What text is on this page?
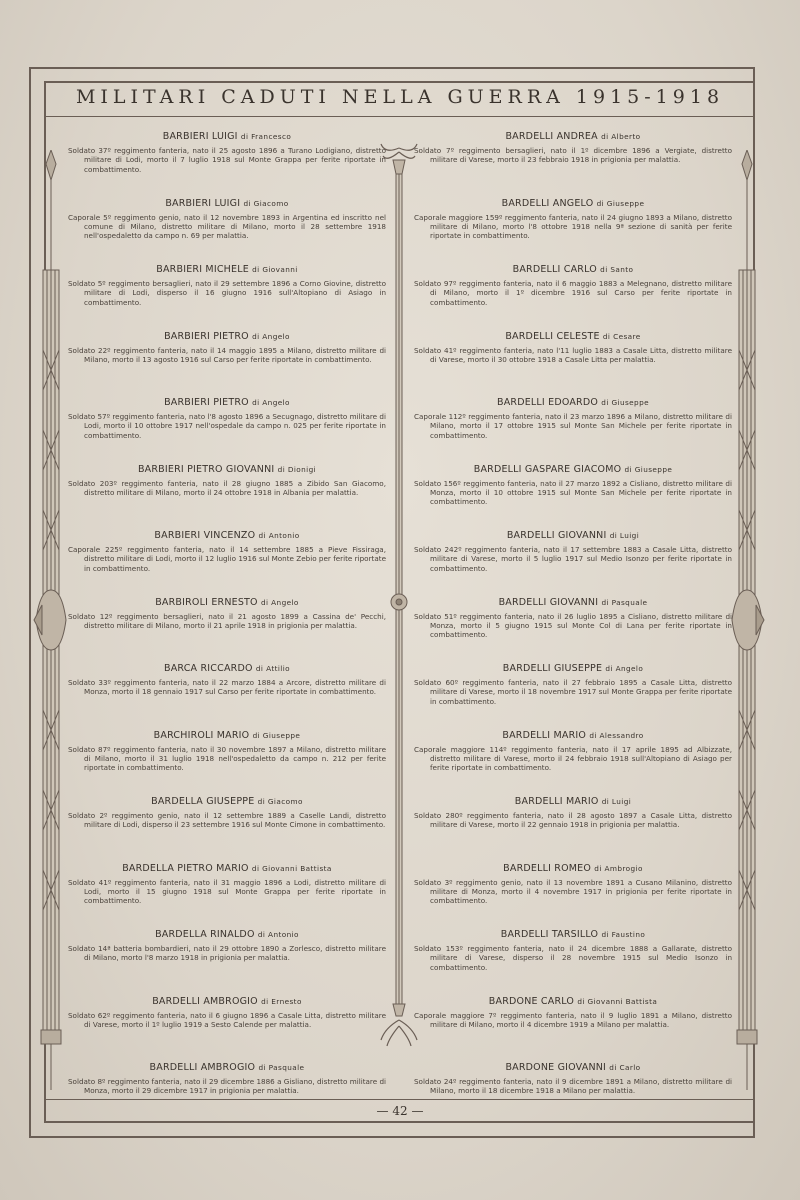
MILITARI CADUTI NELLA GUERRA 1915-1918
BARBIERI LUIGI di Francesco
Soldato 37º reggimento fanteria, nato il 25 agosto 1896 a Turano Lodigiano, distretto militare di Lodi, morto il 7 luglio 1918 sul Monte Grappa per ferite riportate in combattimento.
BARBIERI LUIGI di Giacomo
Caporale 5º reggimento genio, nato il 12 novembre 1893 in Argentina ed inscritto nel comune di Milano, distretto militare di Milano, morto il 28 settembre 1918 nell'ospedaletto da campo n. 69 per malattia.
BARBIERI MICHELE di Giovanni
Soldato 5º reggimento bersaglieri, nato il 29 settembre 1896 a Corno Giovine, distretto militare di Lodi, disperso il 16 giugno 1916 sull'Altopiano di Asiago in combattimento.
BARBIERI PIETRO di Angelo
Soldato 22º reggimento fanteria, nato il 14 maggio 1895 a Milano, distretto militare di Milano, morto il 13 agosto 1916 sul Carso per ferite riportate in combattimento.
BARBIERI PIETRO di Angelo
Soldato 57º reggimento fanteria, nato l'8 agosto 1896 a Secugnago, distretto militare di Lodi, morto il 10 ottobre 1917 nell'ospedale da campo n. 025 per ferite riportate in combattimento.
BARBIERI PIETRO GIOVANNI di Dionigi
Soldato 203º reggimento fanteria, nato il 28 giugno 1885 a Zibido San Giacomo, distretto militare di Milano, morto il 24 ottobre 1918 in Albania per malattia.
BARBIERI VINCENZO di Antonio
Caporale 225º reggimento fanteria, nato il 14 settembre 1885 a Pieve Fissiraga, distretto militare di Lodi, morto il 12 luglio 1916 sul Monte Zebio per ferite riportate in combattimento.
BARBIROLI ERNESTO di Angelo
Soldato 12º reggimento bersaglieri, nato il 21 agosto 1899 a Cassina de' Pecchi, distretto militare di Milano, morto il 21 aprile 1918 in prigionia per malattia.
BARCA RICCARDO di Attilio
Soldato 33º reggimento fanteria, nato il 22 marzo 1884 a Arcore, distretto militare di Monza, morto il 18 gennaio 1917 sul Carso per ferite riportate in combattimento.
BARCHIROLI MARIO di Giuseppe
Soldato 87º reggimento fanteria, nato il 30 novembre 1897 a Milano, distretto militare di Milano, morto il 31 luglio 1918 nell'ospedaletto da campo n. 212 per ferite riportate in combattimento.
BARDELLA GIUSEPPE di Giacomo
Soldato 2º reggimento genio, nato il 12 settembre 1889 a Caselle Landi, distretto militare di Lodi, disperso il 23 settembre 1916 sul Monte Cimone in combattimento.
BARDELLA PIETRO MARIO di Giovanni Battista
Soldato 41º reggimento fanteria, nato il 31 maggio 1896 a Lodi, distretto militare di Lodi, morto il 15 giugno 1918 sul Monte Grappa per ferite riportate in combattimento.
BARDELLA RINALDO di Antonio
Soldato 14ª batteria bombardieri, nato il 29 ottobre 1890 a Zorlesco, distretto militare di Milano, morto l'8 marzo 1918 in prigionia per malattia.
BARDELLI AMBROGIO di Ernesto
Soldato 62º reggimento fanteria, nato il 6 giugno 1896 a Casale Litta, distretto militare di Varese, morto il 1º luglio 1919 a Sesto Calende per malattia.
BARDELLI AMBROGIO di Pasquale
Soldato 8º reggimento fanteria, nato il 29 dicembre 1886 a Gisliano, distretto militare di Monza, morto il 29 dicembre 1917 in prigionia per malattia.
BARDELLI ANDREA di Alberto
Soldato 7º reggimento bersaglieri, nato il 1º dicembre 1896 a Vergiate, distretto militare di Varese, morto il 23 febbraio 1918 in prigionia per malattia.
BARDELLI ANGELO di Giuseppe
Caporale maggiore 159º reggimento fanteria, nato il 24 giugno 1893 a Milano, distretto militare di Milano, morto l'8 ottobre 1918 nella 9ª sezione di sanità per ferite riportate in combattimento.
BARDELLI CARLO di Santo
Soldato 97º reggimento fanteria, nato il 6 maggio 1883 a Melegnano, distretto militare di Milano, morto il 1º dicembre 1916 sul Carso per ferite riportate in combattimento.
BARDELLI CELESTE di Cesare
Soldato 41º reggimento fanteria, nato l'11 luglio 1883 a Casale Litta, distretto militare di Varese, morto il 30 ottobre 1918 a Casale Litta per malattia.
BARDELLI EDOARDO di Giuseppe
Caporale 112º reggimento fanteria, nato il 23 marzo 1896 a Milano, distretto militare di Milano, morto il 17 ottobre 1915 sul Monte San Michele per ferite riportate in combattimento.
BARDELLI GASPARE GIACOMO di Giuseppe
Soldato 156º reggimento fanteria, nato il 27 marzo 1892 a Cisliano, distretto militare di Monza, morto il 10 ottobre 1915 sul Monte San Michele per ferite riportate in combattimento.
BARDELLI GIOVANNI di Luigi
Soldato 242º reggimento fanteria, nato il 17 settembre 1883 a Casale Litta, distretto militare di Varese, morto il 5 luglio 1917 sul Medio Isonzo per ferite riportate in combattimento.
BARDELLI GIOVANNI di Pasquale
Soldato 51º reggimento fanteria, nato il 26 luglio 1895 a Cisliano, distretto militare di Monza, morto il 5 giugno 1915 sul Monte Col di Lana per ferite riportate in combattimento.
BARDELLI GIUSEPPE di Angelo
Soldato 60º reggimento fanteria, nato il 27 febbraio 1895 a Casale Litta, distretto militare di Varese, morto il 18 novembre 1917 sul Monte Grappa per ferite riportate in combattimento.
BARDELLI MARIO di Alessandro
Caporale maggiore 114º reggimento fanteria, nato il 17 aprile 1895 ad Albizzate, distretto militare di Varese, morto il 24 febbraio 1918 sull'Altopiano di Asiago per ferite riportate in combattimento.
BARDELLI MARIO di Luigi
Soldato 280º reggimento fanteria, nato il 28 agosto 1897 a Casale Litta, distretto militare di Varese, morto il 22 gennaio 1918 in prigionia per malattia.
BARDELLI ROMEO di Ambrogio
Soldato 3º reggimento genio, nato il 13 novembre 1891 a Cusano Milanino, distretto militare di Monza, morto il 4 novembre 1917 in prigionia per ferite riportate in combattimento.
BARDELLI TARSILLO di Faustino
Soldato 153º reggimento fanteria, nato il 24 dicembre 1888 a Gallarate, distretto militare di Varese, disperso il 28 novembre 1915 sul Medio Isonzo in combattimento.
BARDONE CARLO di Giovanni Battista
Caporale maggiore 7º reggimento fanteria, nato il 9 luglio 1891 a Milano, distretto militare di Milano, morto il 4 dicembre 1919 a Milano per malattia.
BARDONE GIOVANNI di Carlo
Soldato 24º reggimento fanteria, nato il 9 dicembre 1891 a Milano, distretto militare di Milano, morto il 18 dicembre 1918 a Milano per malattia.
— 42 —
